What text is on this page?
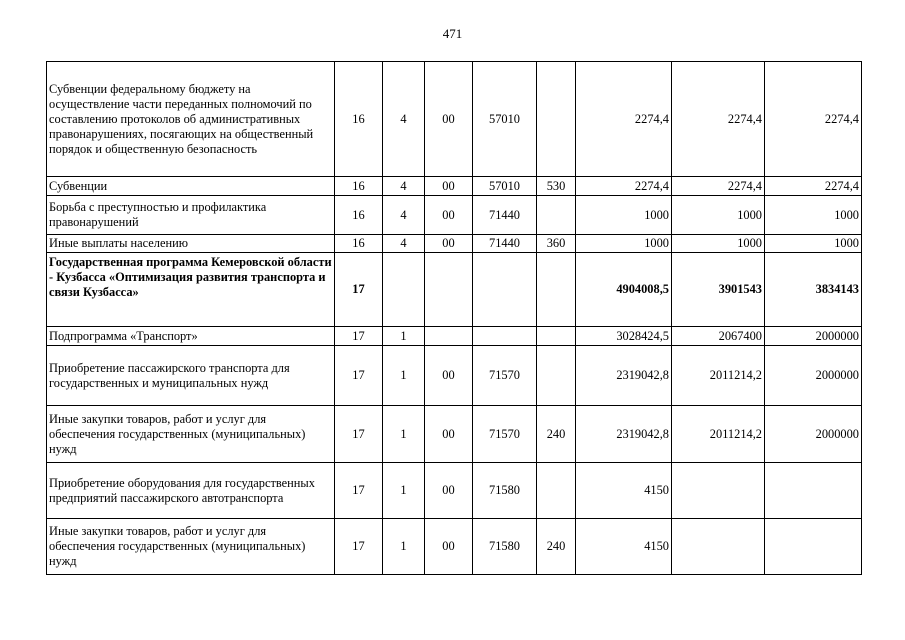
471
Субвенции федеральному бюджету на осуществление части переданных полномочий по составлению протоколов об административных правонарушениях, посягающих на общественный порядок и общественную безопасность	16	4	00	57010		2274,4	2274,4	2274,4
Субвенции	16	4	00	57010	530	2274,4	2274,4	2274,4
Борьба с преступностью и профилактика правонарушений	16	4	00	71440		1000	1000	1000
Иные выплаты населению	16	4	00	71440	360	1000	1000	1000
Государственная программа Кемеровской области - Кузбасса «Оптимизация развития транспорта и связи Кузбасса»	17					4904008,5	3901543	3834143
Подпрограмма «Транспорт»	17	1				3028424,5	2067400	2000000
Приобретение пассажирского транспорта для государственных и муниципальных нужд	17	1	00	71570		2319042,8	2011214,2	2000000
Иные закупки товаров, работ и услуг для обеспечения государственных (муниципальных) нужд	17	1	00	71570	240	2319042,8	2011214,2	2000000
Приобретение оборудования для государственных предприятий пассажирского автотранспорта	17	1	00	71580		4150		
Иные закупки товаров, работ и услуг для обеспечения государственных (муниципальных) нужд	17	1	00	71580	240	4150		
